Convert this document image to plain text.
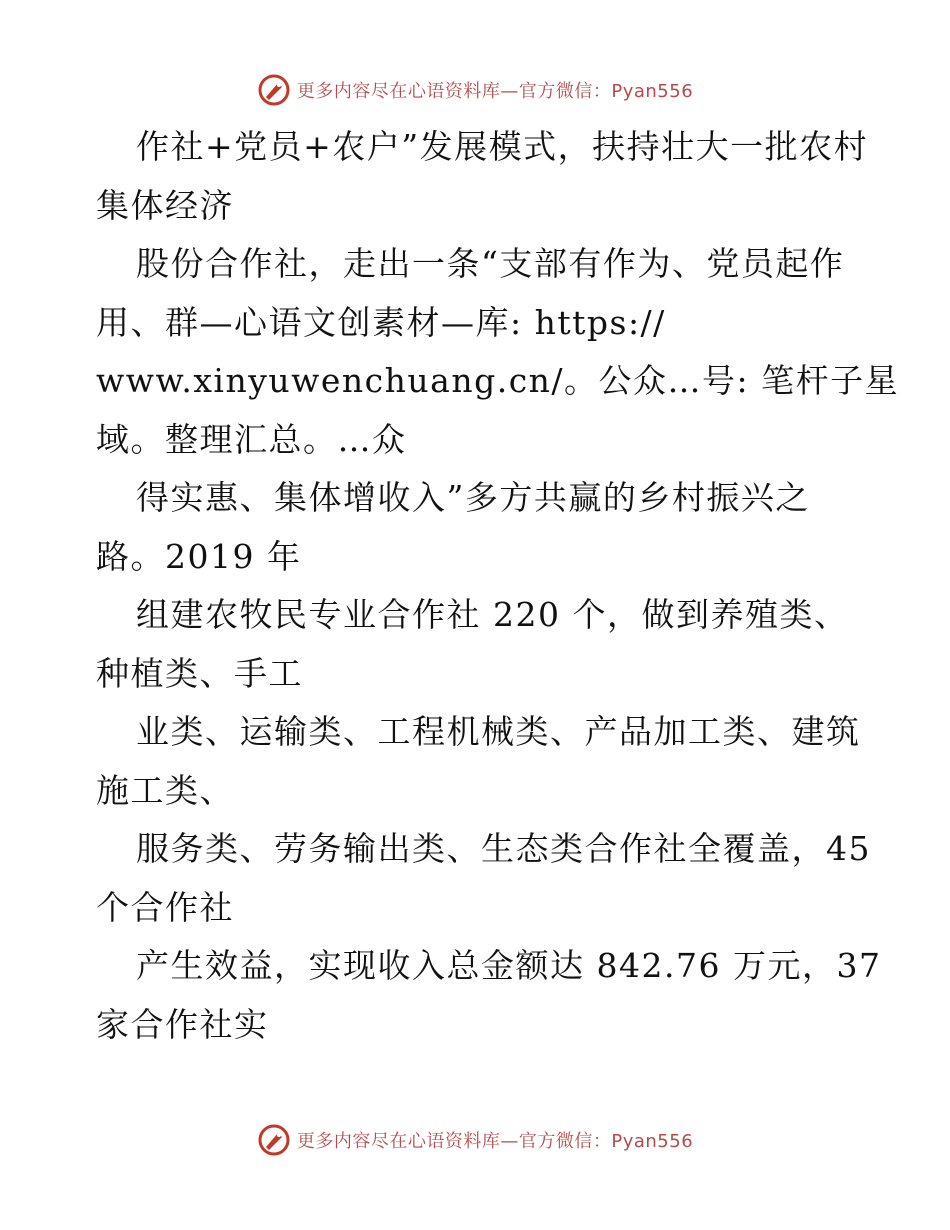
更多内容尽在心语资料库—官方微信：Pyan556
作社+党员+农户”发展模式，扶持壮大一批农村
集体经济
股份合作社，走出一条“支部有作为、党员起作
用、群—心语文创素材—库: https://
www.xinyuwenchuang.cn/。公众…号: 笔杆子星
域。整理汇总。…众
得实惠、集体增收入”多方共赢的乡村振兴之
路。2019 年
组建农牧民专业合作社 220 个，做到养殖类、
种植类、手工
业类、运输类、工程机械类、产品加工类、建筑
施工类、
服务类、劳务输出类、生态类合作社全覆盖，45
个合作社
产生效益，实现收入总金额达 842.76 万元，37
家合作社实
更多内容尽在心语资料库—官方微信：Pyan556
